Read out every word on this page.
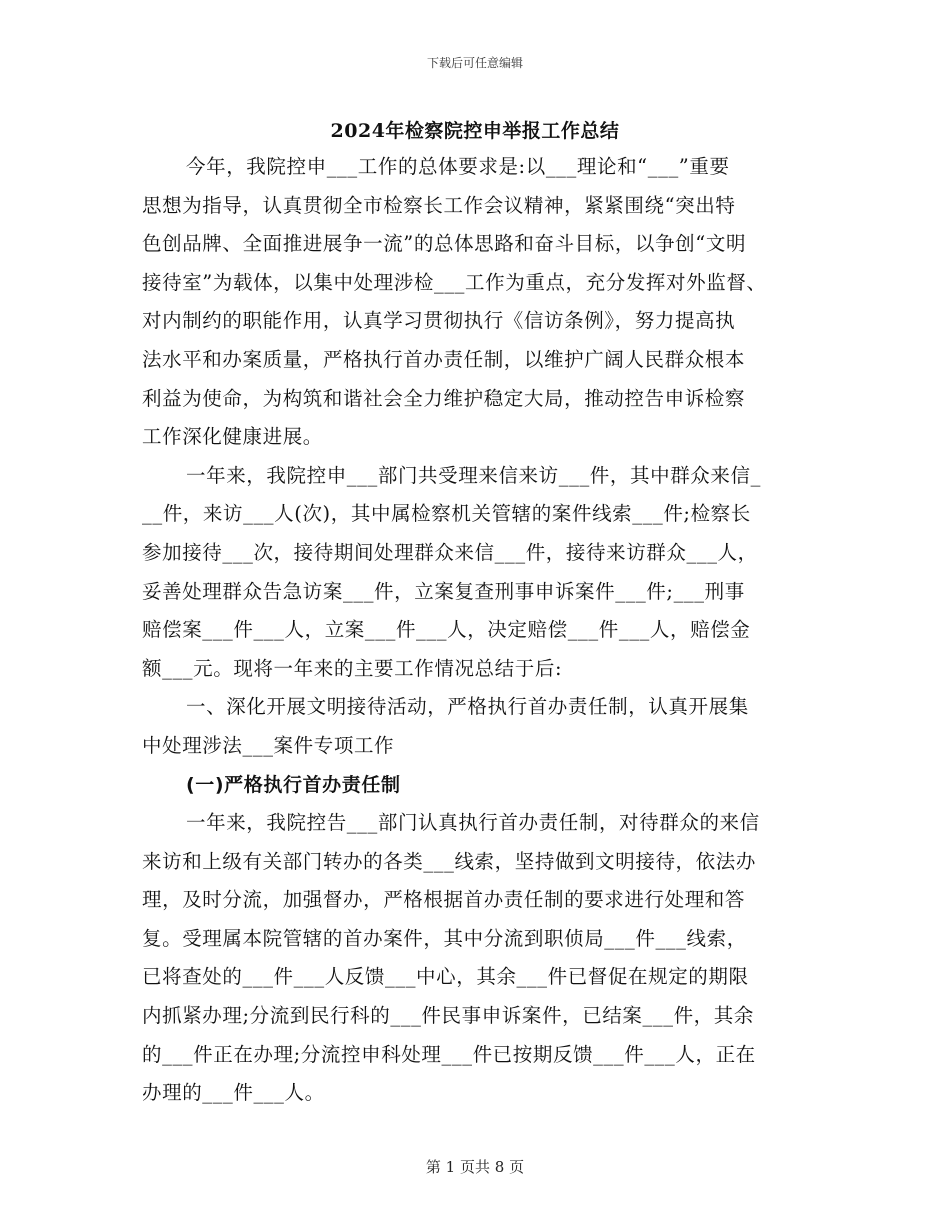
下载后可任意编辑
2024年检察院控申举报工作总结
今年，我院控申___工作的总体要求是:以___理论和“___”重要
思想为指导，认真贯彻全市检察长工作会议精神，紧紧围绕“突出特
色创品牌、全面推进展争一流”的总体思路和奋斗目标，以争创“文明
接待室”为载体，以集中处理涉检___工作为重点，充分发挥对外监督、
对内制约的职能作用，认真学习贯彻执行《信访条例》，努力提高执
法水平和办案质量，严格执行首办责任制，以维护广阔人民群众根本
利益为使命，为构筑和谐社会全力维护稳定大局，推动控告申诉检察
工作深化健康进展。
一年来，我院控申___部门共受理来信来访___件，其中群众来信_
__件，来访___人(次)，其中属检察机关管辖的案件线索___件;检察长
参加接待___次，接待期间处理群众来信___件，接待来访群众___人，
妥善处理群众告急访案___件，立案复查刑事申诉案件___件;___刑事
赔偿案___件___人，立案___件___人，决定赔偿___件___人，赔偿金
额___元。现将一年来的主要工作情况总结于后:
一、深化开展文明接待活动，严格执行首办责任制，认真开展集
中处理涉法___案件专项工作
(一)严格执行首办责任制
一年来，我院控告___部门认真执行首办责任制，对待群众的来信
来访和上级有关部门转办的各类___线索，坚持做到文明接待，依法办
理，及时分流，加强督办，严格根据首办责任制的要求进行处理和答
复。受理属本院管辖的首办案件，其中分流到职侦局___件___线索，
已将查处的___件___人反馈___中心，其余___件已督促在规定的期限
内抓紧办理;分流到民行科的___件民事申诉案件，已结案___件，其余
的___件正在办理;分流控申科处理___件已按期反馈___件___人，正在
办理的___件___人。
第 1 页共 8 页
